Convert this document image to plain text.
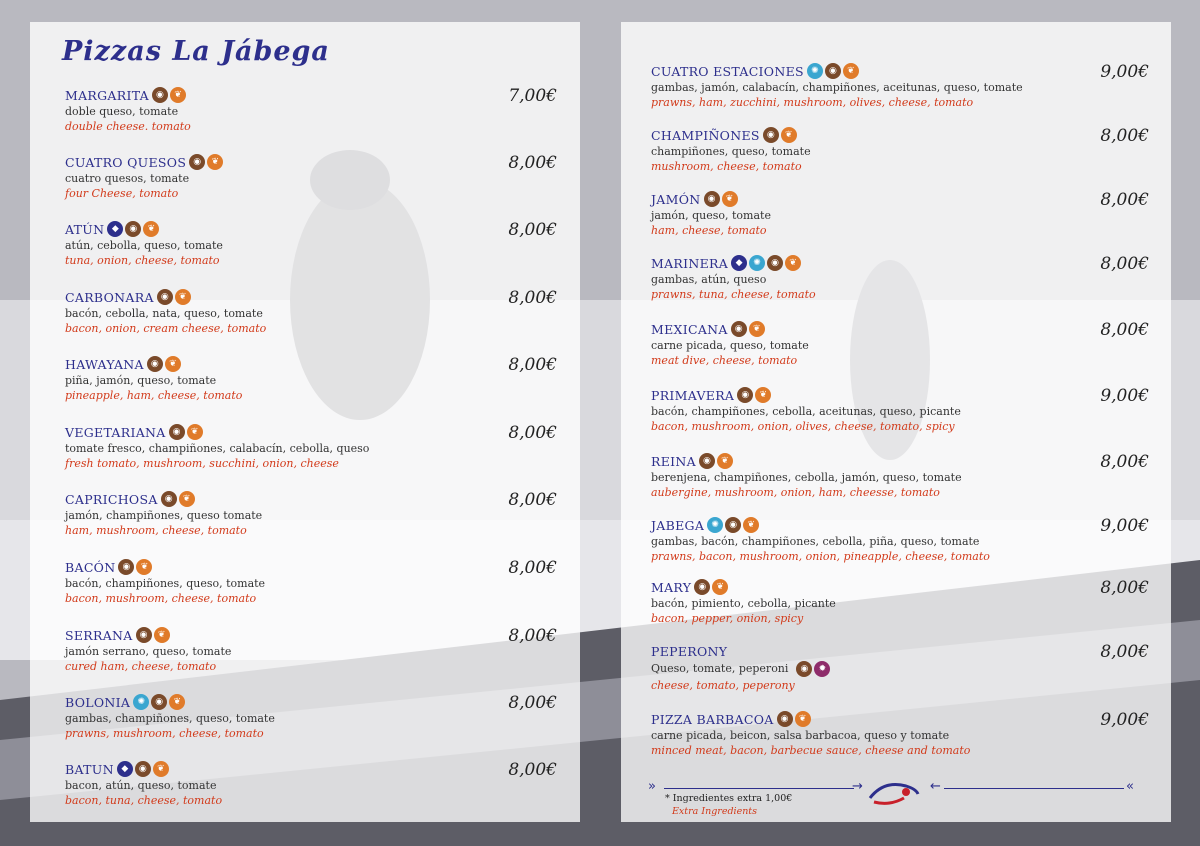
Pizzas La Jábega
MARGARITA ◉	❦
doble queso, tomate
double cheese. tomato
7,00€
CUATRO QUESOS ◉	❦
cuatro quesos, tomate
four Cheese, tomato
8,00€
ATÚN ◆	◉	❦
atún, cebolla, queso, tomate
tuna, onion, cheese, tomato
8,00€
CARBONARA ◉	❦
bacón, cebolla, nata, queso, tomate
bacon, onion, cream cheese, tomato
8,00€
HAWAYANA ◉	❦
piña, jamón, queso, tomate
pineapple, ham, cheese, tomato
8,00€
VEGETARIANA ◉	❦
tomate fresco, champiñones, calabacín, cebolla, queso
fresh tomato, mushroom, succhini, onion, cheese
8,00€
CAPRICHOSA ◉	❦
jamón, champiñones, queso tomate
ham, mushroom, cheese, tomato
8,00€
BACÓN ◉	❦
bacón, champiñones, queso, tomate
bacon, mushroom, cheese, tomato
8,00€
SERRANA ◉	❦
jamón serrano, queso, tomate
cured ham, cheese, tomato
8,00€
BOLONIA ✺	◉	❦
gambas, champiñones, queso, tomate
prawns, mushroom, cheese, tomato
8,00€
BATUN ◆	◉	❦
bacon, atún, queso, tomate
bacon, tuna, cheese, tomato
8,00€
CUATRO ESTACIONES ✺	◉	❦
gambas, jamón, calabacín, champiñones, aceitunas, queso, tomate
prawns, ham, zucchini, mushroom, olives, cheese, tomato
9,00€
CHAMPIÑONES ◉	❦
champiñones, queso, tomate
mushroom, cheese, tomato
8,00€
JAMÓN ◉	❦
jamón, queso, tomate
ham, cheese, tomato
8,00€
MARINERA ◆	✺	◉	❦
gambas, atún, queso
prawns, tuna, cheese, tomato
8,00€
MEXICANA ◉	❦
carne picada, queso, tomate
meat dive, cheese, tomato
8,00€
PRIMAVERA ◉	❦
bacón, champiñones, cebolla, aceitunas, queso, picante
bacon, mushroom, onion, olives, cheese, tomato, spicy
9,00€
REINA ◉	❦
berenjena, champiñones, cebolla, jamón, queso, tomate
aubergine, mushroom, onion, ham, cheesse, tomato
8,00€
JABEGA ✺	◉	❦
gambas, bacón, champiñones, cebolla, piña, queso, tomate
prawns, bacon, mushroom, onion, pineapple, cheese, tomato
9,00€
MARY ◉	❦
bacón, pimiento, cebolla, picante
bacon, pepper, onion, spicy
8,00€
PEPERONY
Queso, tomate, peperoni	◉	✹
cheese, tomato, peperony
8,00€
PIZZA BARBACOA ◉	❦
carne picada, beicon, salsa barbacoa, queso y tomate
minced meat, bacon, barbecue sauce, cheese and tomato
9,00€
»	→	←	«
* Ingredientes extra 1,00€
Extra Ingredients
